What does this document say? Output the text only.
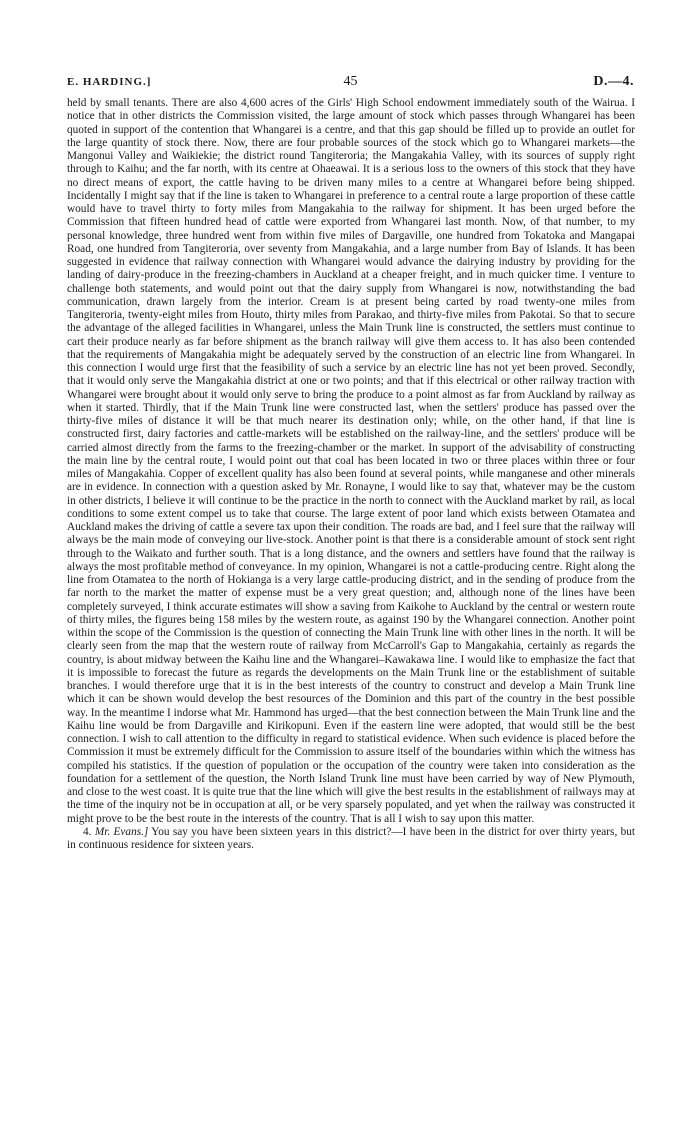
E. HARDING.]	45	D.—4.

held by small tenants. There are also 4,600 acres of the Girls' High School endowment immediately south of the Wairua. I notice that in other districts the Commission visited, the large amount of stock which passes through Whangarei has been quoted in support of the contention that Whangarei is a centre, and that this gap should be filled up to provide an outlet for the large quantity of stock there. Now, there are four probable sources of the stock which go to Whangarei markets—the Mangonui Valley and Waikiekie; the district round Tangiteroria; the Mangakahia Valley, with its sources of supply right through to Kaihu; and the far north, with its centre at Ohaeawai. It is a serious loss to the owners of this stock that they have no direct means of export, the cattle having to be driven many miles to a centre at Whangarei before being shipped. Incidentally I might say that if the line is taken to Whangarei in preference to a central route a large proportion of these cattle would have to travel thirty to forty miles from Mangakahia to the railway for shipment. It has been urged before the Commission that fifteen hundred head of cattle were exported from Whangarei last month. Now, of that number, to my personal knowledge, three hundred went from within five miles of Dargaville, one hundred from Tokatoka and Mangapai Road, one hundred from Tangiteroria, over seventy from Mangakahia, and a large number from Bay of Islands. It has been suggested in evidence that railway connection with Whangarei would advance the dairying industry by providing for the landing of dairy-produce in the freezing-chambers in Auckland at a cheaper freight, and in much quicker time. I venture to challenge both statements, and would point out that the dairy supply from Whangarei is now, notwithstanding the bad communication, drawn largely from the interior. Cream is at present being carted by road twenty-one miles from Tangiteroria, twenty-eight miles from Houto, thirty miles from Parakao, and thirty-five miles from Pakotai. So that to secure the advantage of the alleged facilities in Whangarei, unless the Main Trunk line is constructed, the settlers must continue to cart their produce nearly as far before shipment as the branch railway will give them access to. It has also been contended that the requirements of Mangakahia might be adequately served by the construction of an electric line from Whangarei. In this connection I would urge first that the feasibility of such a service by an electric line has not yet been proved. Secondly, that it would only serve the Mangakahia district at one or two points; and that if this electrical or other railway traction with Whangarei were brought about it would only serve to bring the produce to a point almost as far from Auckland by railway as when it started. Thirdly, that if the Main Trunk line were constructed last, when the settlers' produce has passed over the thirty-five miles of distance it will be that much nearer its destination only; while, on the other hand, if that line is constructed first, dairy factories and cattle-markets will be established on the railway-line, and the settlers' produce will be carried almost directly from the farms to the freezing-chamber or the market. In support of the advisability of constructing the main line by the central route, I would point out that coal has been located in two or three places within three or four miles of Mangakahia. Copper of excellent quality has also been found at several points, while manganese and other minerals are in evidence. In connection with a question asked by Mr. Ronayne, I would like to say that, whatever may be the custom in other districts, I believe it will continue to be the practice in the north to connect with the Auckland market by rail, as local conditions to some extent compel us to take that course. The large extent of poor land which exists between Otamatea and Auckland makes the driving of cattle a severe tax upon their condition. The roads are bad, and I feel sure that the railway will always be the main mode of conveying our live-stock. Another point is that there is a considerable amount of stock sent right through to the Waikato and further south. That is a long distance, and the owners and settlers have found that the railway is always the most profitable method of conveyance. In my opinion, Whangarei is not a cattle-producing centre. Right along the line from Otamatea to the north of Hokianga is a very large cattle-producing district, and in the sending of produce from the far north to the market the matter of expense must be a very great question; and, although none of the lines have been completely surveyed, I think accurate estimates will show a saving from Kaikohe to Auckland by the central or western route of thirty miles, the figures being 158 miles by the western route, as against 190 by the Whangarei connection. Another point within the scope of the Commission is the question of connecting the Main Trunk line with other lines in the north. It will be clearly seen from the map that the western route of railway from McCarroll's Gap to Mangakahia, certainly as regards the country, is about midway between the Kaihu line and the Whangarei–Kawakawa line. I would like to emphasize the fact that it is impossible to forecast the future as regards the developments on the Main Trunk line or the establishment of suitable branches. I would therefore urge that it is in the best interests of the country to construct and develop a Main Trunk line which it can be shown would develop the best resources of the Dominion and this part of the country in the best possible way. In the meantime I indorse what Mr. Hammond has urged—that the best connection between the Main Trunk line and the Kaihu line would be from Dargaville and Kirikopuni. Even if the eastern line were adopted, that would still be the best connection. I wish to call attention to the difficulty in regard to statistical evidence. When such evidence is placed before the Commission it must be extremely difficult for the Commission to assure itself of the boundaries within which the witness has compiled his statistics. If the question of population or the occupation of the country were taken into consideration as the foundation for a settlement of the question, the North Island Trunk line must have been carried by way of New Plymouth, and close to the west coast. It is quite true that the line which will give the best results in the establishment of railways may at the time of the inquiry not be in occupation at all, or be very sparsely populated, and yet when the railway was constructed it might prove to be the best route in the interests of the country. That is all I wish to say upon this matter.

4. Mr. Evans.] You say you have been sixteen years in this district?—I have been in the district for over thirty years, but in continuous residence for sixteen years.
